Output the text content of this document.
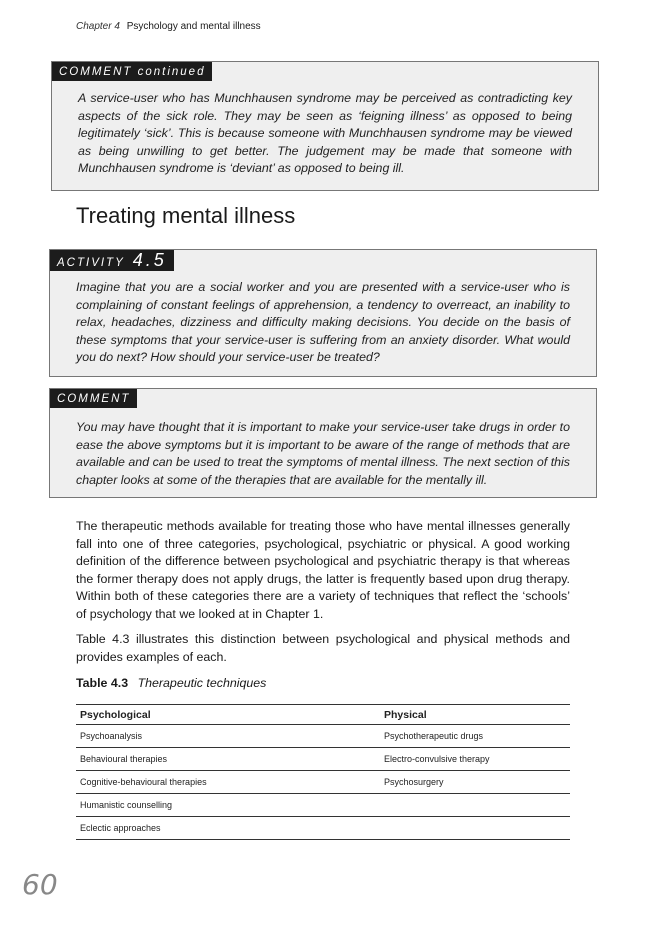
Chapter 4 Psychology and mental illness
COMMENT continued
A service-user who has Munchhausen syndrome may be perceived as contradicting key aspects of the sick role. They may be seen as ‘feigning illness’ as opposed to being legitimately ‘sick’. This is because someone with Munchhausen syndrome may be viewed as being unwilling to get better. The judgement may be made that someone with Munchhausen syndrome is ‘deviant’ as opposed to being ill.
Treating mental illness
ACTIVITY 4.5
Imagine that you are a social worker and you are presented with a service-user who is complaining of constant feelings of apprehension, a tendency to overreact, an inability to relax, headaches, dizziness and difficulty making decisions. You decide on the basis of these symptoms that your service-user is suffering from an anxiety disorder. What would you do next? How should your service-user be treated?
COMMENT
You may have thought that it is important to make your service-user take drugs in order to ease the above symptoms but it is important to be aware of the range of methods that are available and can be used to treat the symptoms of mental illness. The next section of this chapter looks at some of the therapies that are available for the mentally ill.

The therapeutic methods available for treating those who have mental illnesses generally fall into one of three categories, psychological, psychiatric or physical. A good working definition of the difference between psychological and psychiatric therapy is that whereas the former therapy does not apply drugs, the latter is frequently based upon drug therapy. Within both of these categories there are a variety of techniques that reflect the ‘schools’ of psychology that we looked at in Chapter 1.

Table 4.3 illustrates this distinction between psychological and physical methods and provides examples of each.

Table 4.3 Therapeutic techniques
Psychological	Physical
Psychoanalysis	Psychotherapeutic drugs
Behavioural therapies	Electro-convulsive therapy
Cognitive-behavioural therapies	Psychosurgery
Humanistic counselling	
Eclectic approaches	
60
